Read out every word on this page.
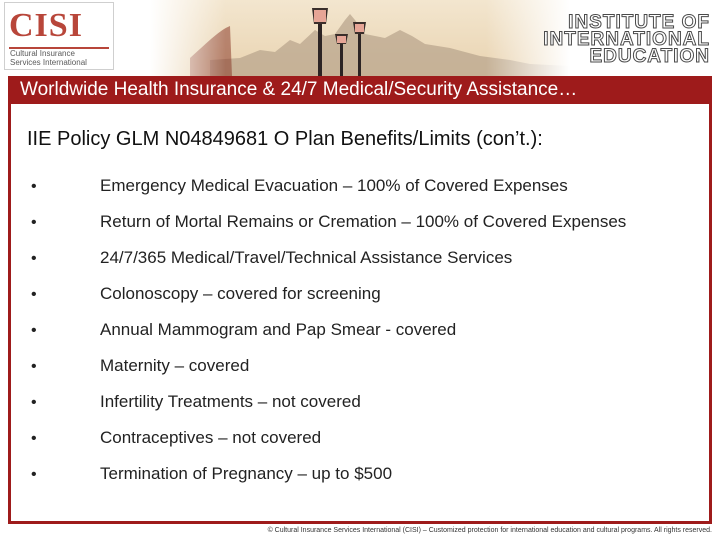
CISI
Cultural Insurance
Services International
INSTITUTE OF
INTERNATIONAL
EDUCATION
Worldwide Health Insurance & 24/7 Medical/Security Assistance…
IIE Policy GLM N04849681 O Plan Benefits/Limits (con’t.):
•	Emergency Medical Evacuation – 100% of Covered Expenses
•	Return of Mortal Remains or Cremation – 100% of Covered Expenses
•	24/7/365 Medical/Travel/Technical Assistance Services
•	Colonoscopy – covered for screening
•	Annual Mammogram and Pap Smear - covered
•	Maternity – covered
•	Infertility Treatments – not covered
•	Contraceptives – not covered
•	Termination of Pregnancy – up to $500
© Cultural Insurance Services International (CISI) – Customized protection for international education and cultural programs. All rights reserved.
